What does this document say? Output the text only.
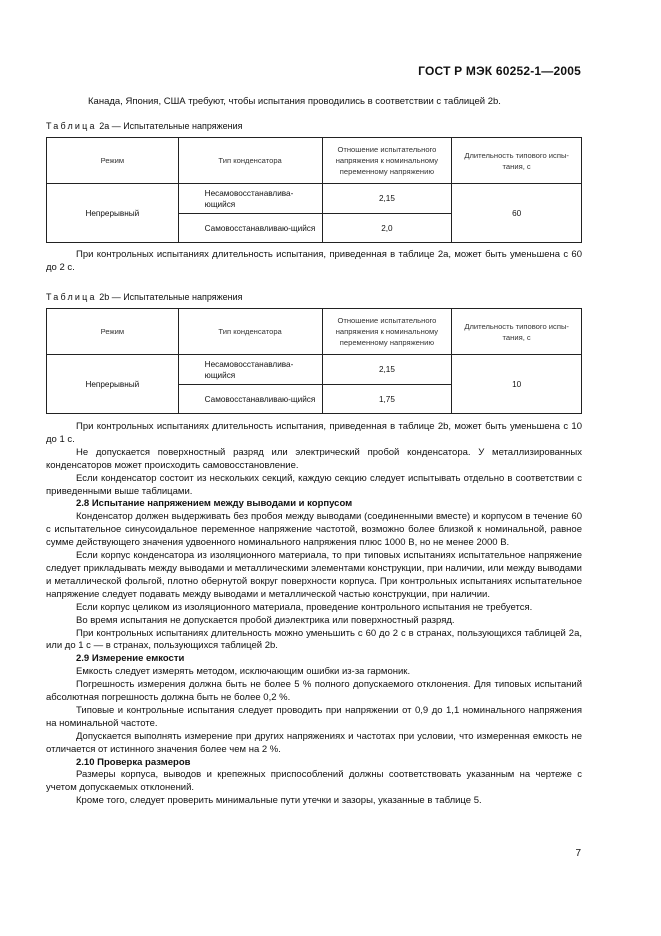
ГОСТ Р МЭК 60252-1—2005
Канада, Япония, США требуют, чтобы испытания проводились в соответствии с таблицей 2b.
Таблица 2a — Испытательные напряжения
Режим	Тип конденсатора	Отношение испытательного напряжения к номинальному переменному напряжению	Длительность типового испы-тания, с
Непрерывный	Несамовосстанавлива-ющийся	2,15	60
	Самовосстанавливаю-щийся	2,0	

При контрольных испытаниях длительность испытания, приведенная в таблице 2a, может быть уменьшена с 60 до 2 с.

Таблица 2b — Испытательные напряжения
Режим	Тип конденсатора	Отношение испытательного напряжения к номинальному переменному напряжению	Длительность типового испы-тания, с
Непрерывный	Несамовосстанавлива-ющийся	2,15	10
	Самовосстанавливаю-щийся	1,75	

При контрольных испытаниях длительность испытания, приведенная в таблице 2b, может быть уменьшена с 10 до 1 с.

Не допускается поверхностный разряд или электрический пробой конденсатора. У металлизированных конденсаторов может происходить самовосстановление.

Если конденсатор состоит из нескольких секций, каждую секцию следует испытывать отдельно в соответствии с приведенными выше таблицами.

2.8 Испытание напряжением между выводами и корпусом

Конденсатор должен выдерживать без пробоя между выводами (соединенными вместе) и корпусом в течение 60 с испытательное синусоидальное переменное напряжение частотой, возможно более близкой к номинальной, равное сумме действующего значения удвоенного номинального напряжения плюс 1000 В, но не менее 2000 В.

Если корпус конденсатора из изоляционного материала, то при типовых испытаниях испытательное напряжение следует прикладывать между выводами и металлическими элементами конструкции, при наличии, или между выводами и металлической фольгой, плотно обернутой вокруг поверхности корпуса. При контрольных испытаниях испытательное напряжение следует подавать между выводами и металлической частью конструкции, при наличии.

Если корпус целиком из изоляционного материала, проведение контрольного испытания не требуется.

Во время испытания не допускается пробой диэлектрика или поверхностный разряд.

При контрольных испытаниях длительность можно уменьшить с 60 до 2 с в странах, пользующихся таблицей 2a, или до 1 с — в странах, пользующихся таблицей 2b.

2.9 Измерение емкости

Емкость следует измерять методом, исключающим ошибки из-за гармоник.

Погрешность измерения должна быть не более 5 % полного допускаемого отклонения. Для типовых испытаний абсолютная погрешность должна быть не более 0,2 %.

Типовые и контрольные испытания следует проводить при напряжении от 0,9 до 1,1 номинального напряжения на номинальной частоте.

Допускается выполнять измерение при других напряжениях и частотах при условии, что измеренная емкость не отличается от истинного значения более чем на 2 %.

2.10 Проверка размеров

Размеры корпуса, выводов и крепежных приспособлений должны соответствовать указанным на чертеже с учетом допускаемых отклонений.

Кроме того, следует проверить минимальные пути утечки и зазоры, указанные в таблице 5.

7
